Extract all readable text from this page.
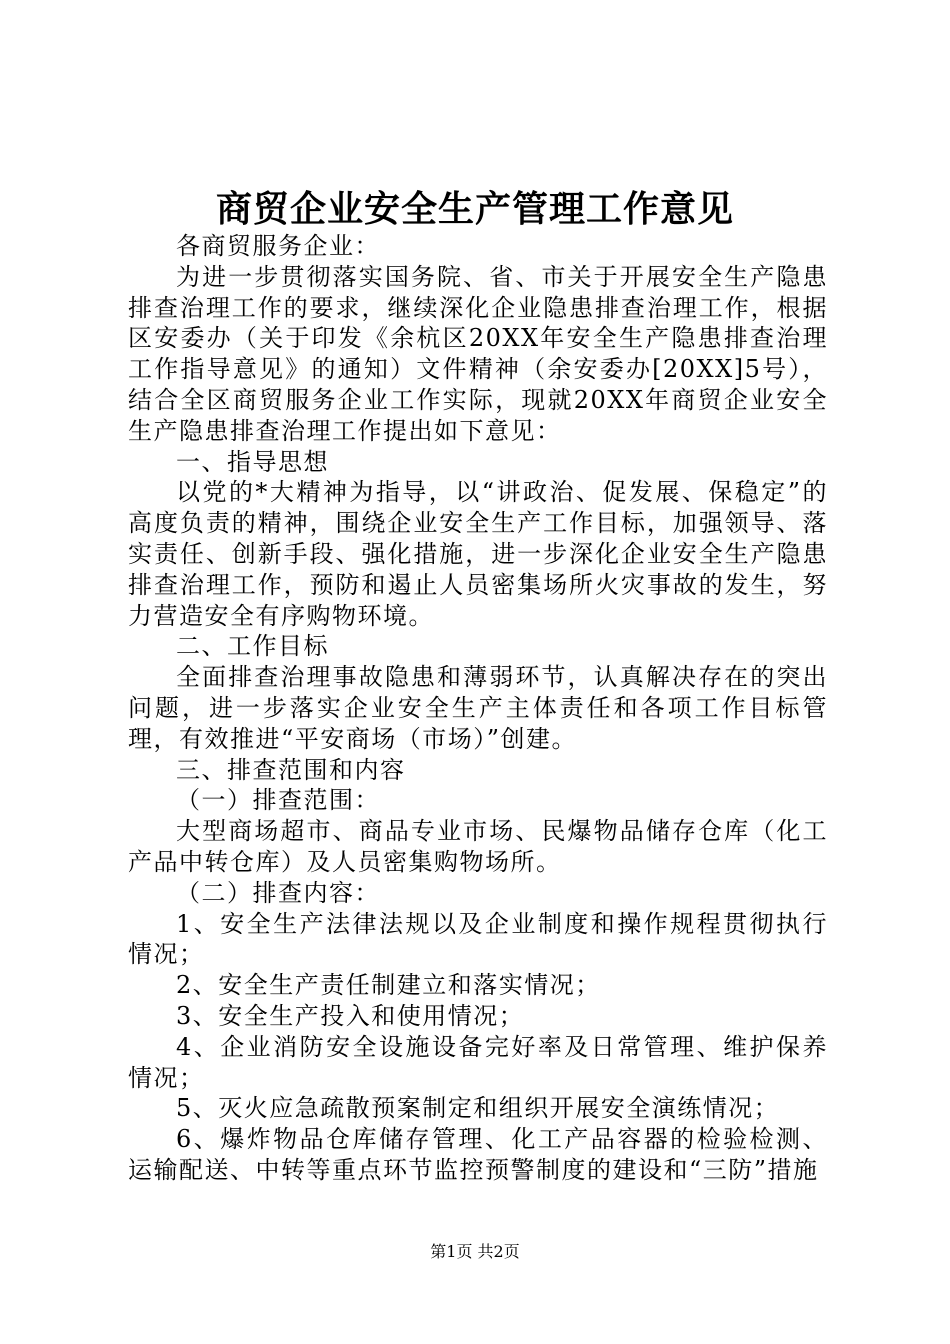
商贸企业安全生产管理工作意见

各商贸服务企业：

为进一步贯彻落实国务院、省、市关于开展安全生产隐患排查治理工作的要求，继续深化企业隐患排查治理工作，根据区安委办（关于印发《余杭区20XX年安全生产隐患排查治理工作指导意见》的通知）文件精神（余安委办[20XX]5号），结合全区商贸服务企业工作实际，现就20XX年商贸企业安全生产隐患排查治理工作提出如下意见：

一、指导思想

以党的*大精神为指导，以“讲政治、促发展、保稳定”的高度负责的精神，围绕企业安全生产工作目标，加强领导、落实责任、创新手段、强化措施，进一步深化企业安全生产隐患排查治理工作，预防和遏止人员密集场所火灾事故的发生，努力营造安全有序购物环境。

二、工作目标

全面排查治理事故隐患和薄弱环节，认真解决存在的突出问题，进一步落实企业安全生产主体责任和各项工作目标管理，有效推进“平安商场（市场）”创建。

三、排查范围和内容

（一）排查范围：

大型商场超市、商品专业市场、民爆物品储存仓库（化工产品中转仓库）及人员密集购物场所。

（二）排查内容：

1、安全生产法律法规以及企业制度和操作规程贯彻执行情况；

2、安全生产责任制建立和落实情况；

3、安全生产投入和使用情况；

4、企业消防安全设施设备完好率及日常管理、维护保养情况；

5、灭火应急疏散预案制定和组织开展安全演练情况；

6、爆炸物品仓库储存管理、化工产品容器的检验检测、运输配送、中转等重点环节监控预警制度的建设和“三防”措施

第1页 共2页
